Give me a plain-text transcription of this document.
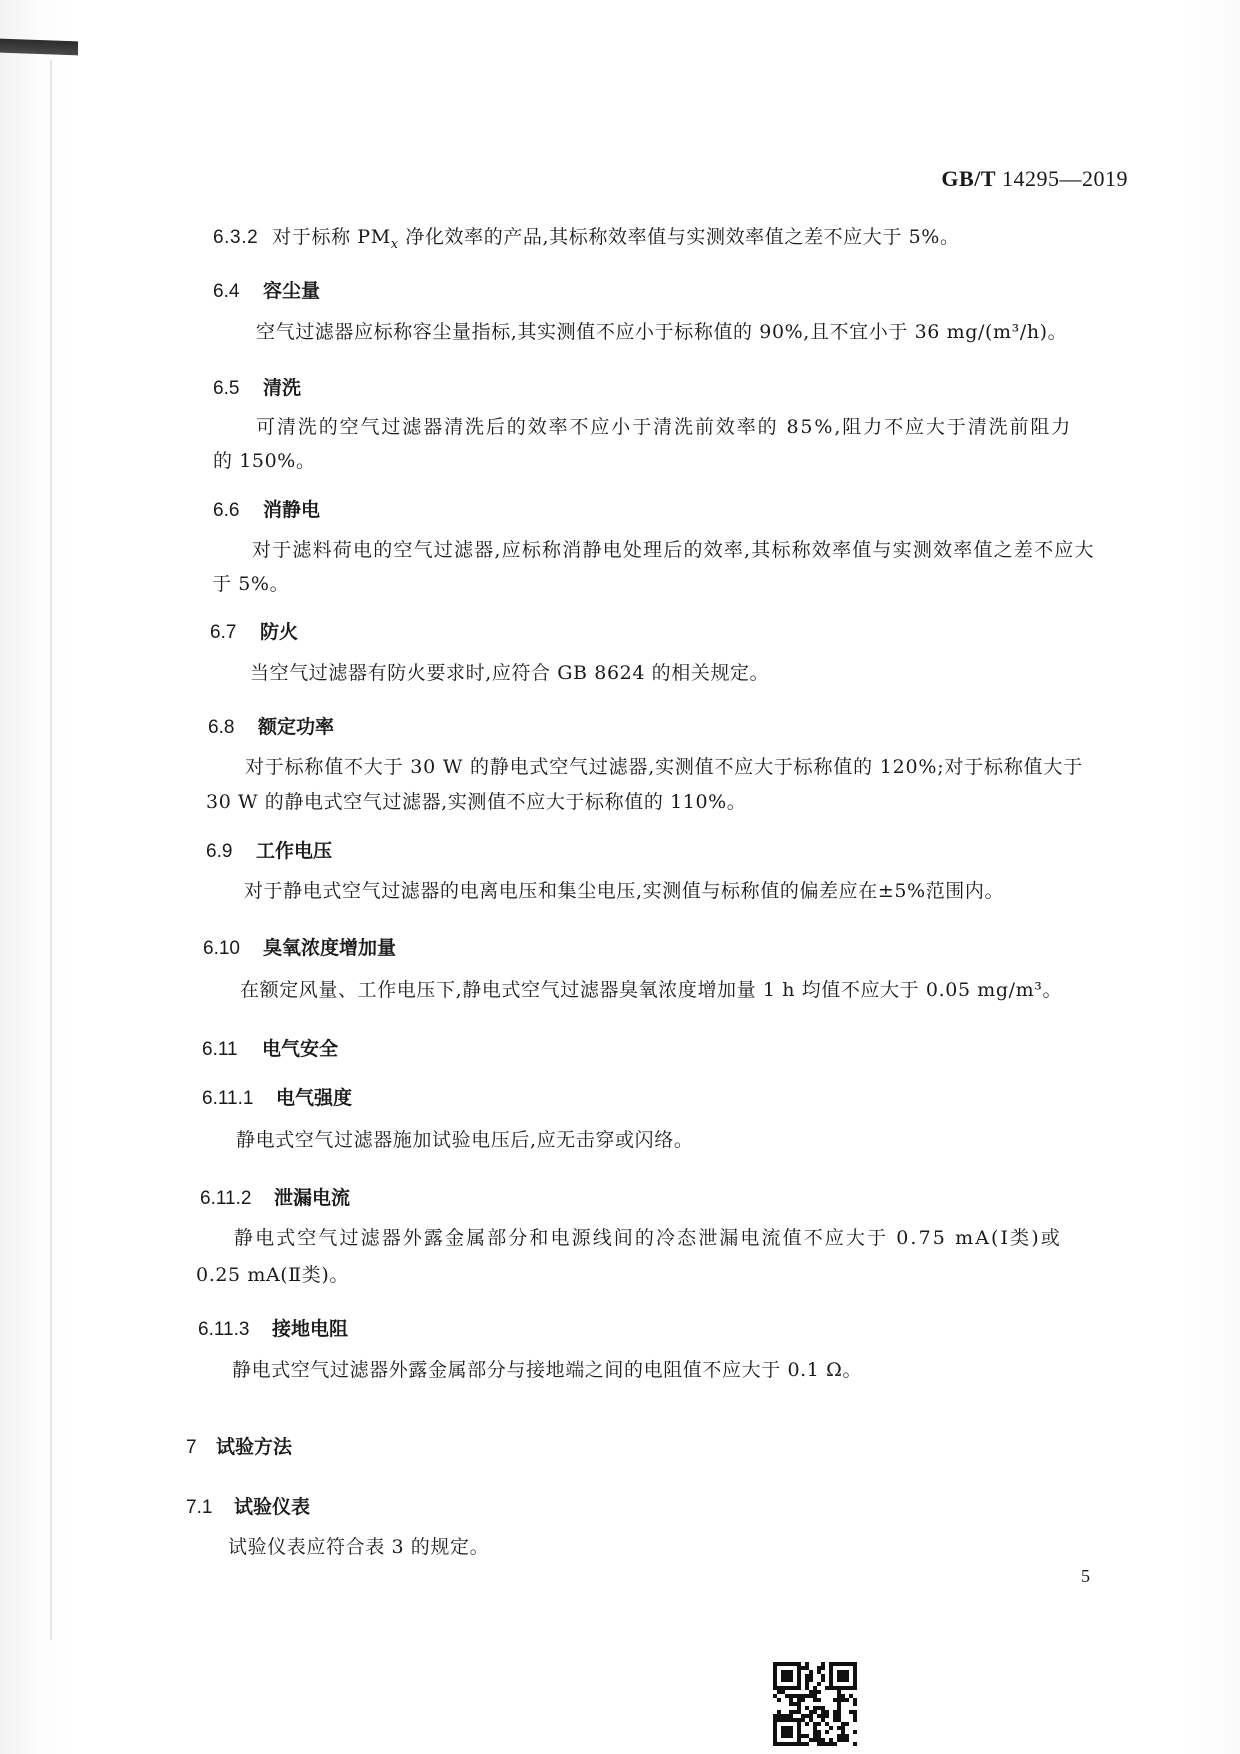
GB/T 14295—2019
6.3.2 对于标称 $PM_x$ 净化效率的产品,其标称效率值与实测效率值之差不应大于 5%。
6.4 容尘量
空气过滤器应标称容尘量指标,其实测值不应小于标称值的 90%,且不宜小于 36 mg/(m³/h)。
6.5 清洗
可清洗的空气过滤器清洗后的效率不应小于清洗前效率的 85%,阻力不应大于清洗前阻力
的 150%。
6.6 消静电
对于滤料荷电的空气过滤器,应标称消静电处理后的效率,其标称效率值与实测效率值之差不应大
于 5%。
6.7 防火
当空气过滤器有防火要求时,应符合 GB 8624 的相关规定。
6.8 额定功率
对于标称值不大于 30 W 的静电式空气过滤器,实测值不应大于标称值的 120%;对于标称值大于
30 W 的静电式空气过滤器,实测值不应大于标称值的 110%。
6.9 工作电压
对于静电式空气过滤器的电离电压和集尘电压,实测值与标称值的偏差应在±5%范围内。
6.10 臭氧浓度增加量
在额定风量、工作电压下,静电式空气过滤器臭氧浓度增加量 1 h 均值不应大于 0.05 mg/m³。
6.11 电气安全
6.11.1 电气强度
静电式空气过滤器施加试验电压后,应无击穿或闪络。
6.11.2 泄漏电流
静电式空气过滤器外露金属部分和电源线间的冷态泄漏电流值不应大于 0.75 mA(Ⅰ类)或
0.25 mA(Ⅱ类)。
6.11.3 接地电阻
静电式空气过滤器外露金属部分与接地端之间的电阻值不应大于 0.1 Ω。
7 试验方法
7.1 试验仪表
试验仪表应符合表 3 的规定。
5
